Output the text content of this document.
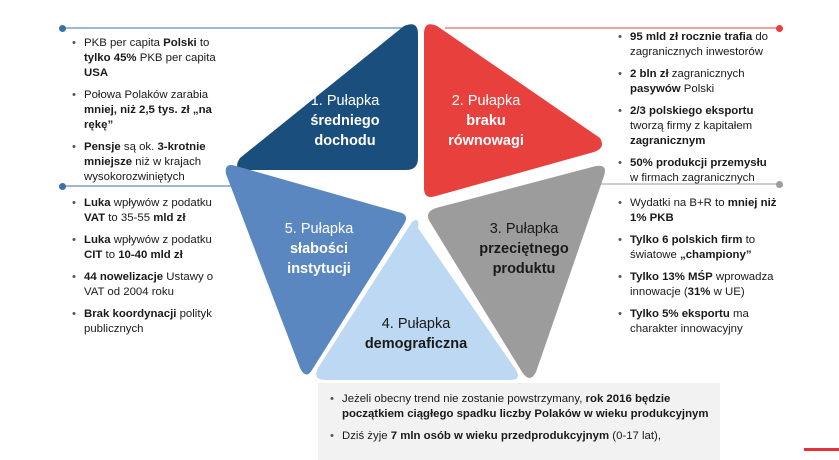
1. Pułapka
średniego
dochodu
2. Pułapka
braku
równowagi
3. Pułapka
przeciętnego
produktu
4. Pułapka
demograficzna
5. Pułapka
słabości
instytucji
• PKB per capita Polski to tylko 45% PKB per capita USA
• Połowa Polaków zarabia mniej, niż 2,5 tys. zł „na rękę”
• Pensje są ok. 3-krotnie mniejsze niż w krajach wysokorozwiniętych
• Luka wpływów z podatku VAT to 35-55 mld zł
• Luka wpływów z podatku CIT to 10-40 mld zł
• 44 nowelizacje Ustawy o VAT od 2004 roku
• Brak koordynacji polityk publicznych
• 95 mld zł rocznie trafia do zagranicznych inwestorów
• 2 bln zł zagranicznych pasywów Polski
• 2/3 polskiego eksportu tworzą firmy z kapitałem zagranicznym
• 50% produkcji przemysłu w firmach zagranicznych
• Wydatki na B+R to mniej niż 1% PKB
• Tylko 6 polskich firm to światowe „championy”
• Tylko 13% MŚP wprowadza innowacje (31% w UE)
• Tylko 5% eksportu ma charakter innowacyjny
• Jeżeli obecny trend nie zostanie powstrzymany, rok 2016 będzie początkiem ciągłego spadku liczby Polaków w wieku produkcyjnym
• Dziś żyje 7 mln osób w wieku przedprodukcyjnym (0-17 lat),
